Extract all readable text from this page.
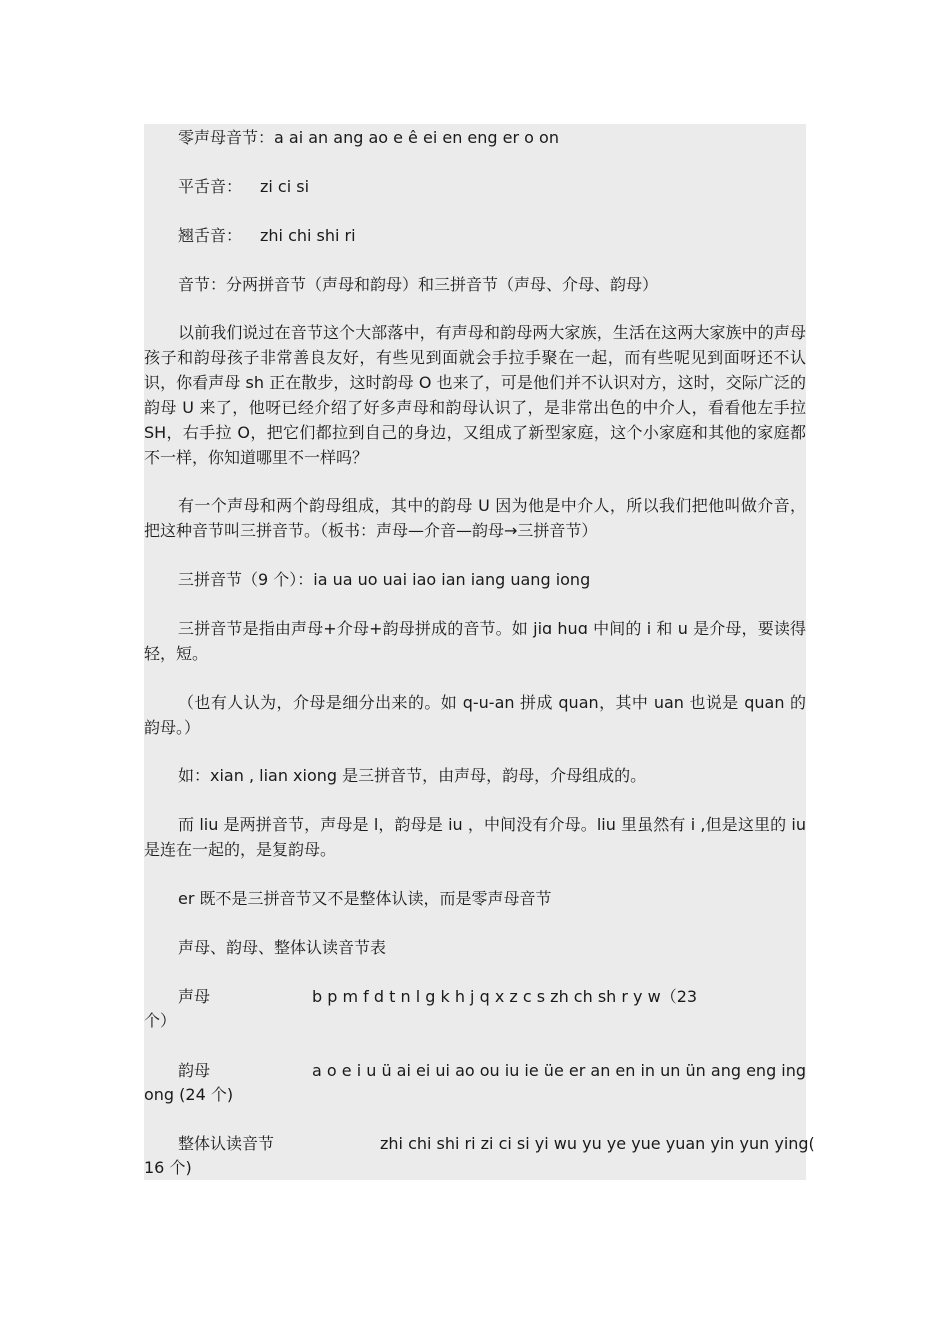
零声母音节：a ai an ang ao e ê ei en eng er o on

平舌音： zi ci si
翘舌音： zhi chi shi ri

音节：分两拼音节（声母和韵母）和三拼音节（声母、介母、韵母）

以前我们说过在音节这个大部落中，有声母和韵母两大家族，生活在这两大家族中的声母孩子和韵母孩子非常善良友好，有些见到面就会手拉手聚在一起，而有些呢见到面呀还不认识，你看声母 sh 正在散步，这时韵母 O 也来了，可是他们并不认识对方，这时，交际广泛的韵母 U 来了，他呀已经介绍了好多声母和韵母认识了，是非常出色的中介人，看看他左手拉 SH，右手拉 O，把它们都拉到自己的身边，又组成了新型家庭，这个小家庭和其他的家庭都不一样，你知道哪里不一样吗？

有一个声母和两个韵母组成，其中的韵母 U 因为他是中介人，所以我们把他叫做介音，把这种音节叫三拼音节。（板书：声母—介音—韵母→三拼音节）

三拼音节（9 个）：ia ua uo uai iao ian iang uang iong

三拼音节是指由声母+介母+韵母拼成的音节。如 jiɑ huɑ 中间的 i 和 u 是介母，要读得轻，短。

（也有人认为，介母是细分出来的。如 q-u-an 拼成 quan，其中 uan 也说是 quan 的韵母。）

如：xian , lian xiong 是三拼音节，由声母，韵母，介母组成的。

而 liu 是两拼音节，声母是 l，韵母是 iu ，中间没有介母。liu 里虽然有 i ,但是这里的 iu 是连在一起的，是复韵母。

er 既不是三拼音节又不是整体认读，而是零声母音节

声母、韵母、整体认读音节表

声母	b p m f d t n l g k h j q x z c s zh ch sh r y w（23
个）
韵母	a o e i u ü ai ei ui ao ou iu ie üe er an en in un ün ang eng ing
ong (24 个)
整体认读音节	zhi chi shi ri zi ci si yi wu yu ye yue yuan yin yun ying(
16 个)
